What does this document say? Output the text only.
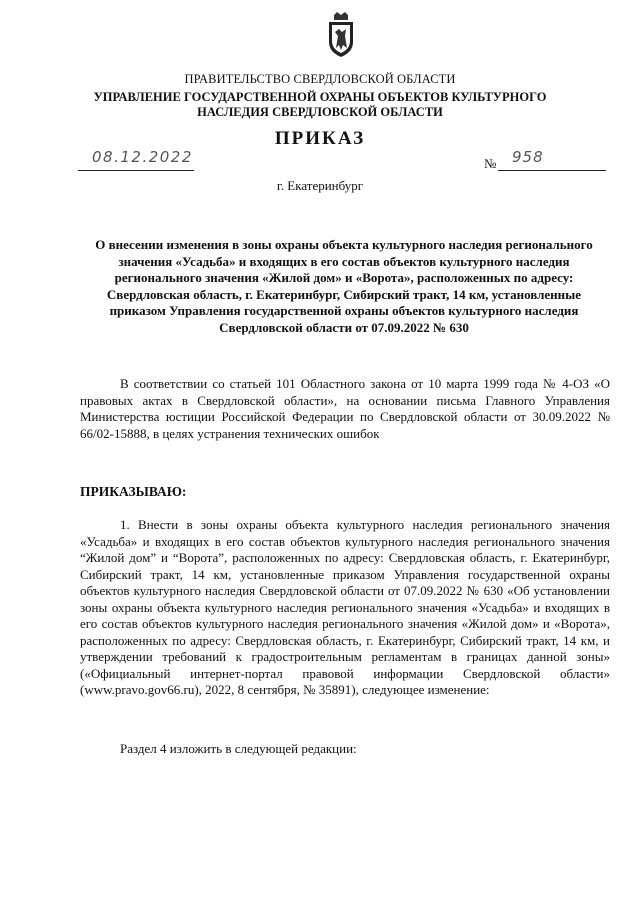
ПРАВИТЕЛЬСТВО СВЕРДЛОВСКОЙ ОБЛАСТИ
УПРАВЛЕНИЕ ГОСУДАРСТВЕННОЙ ОХРАНЫ ОБЪЕКТОВ КУЛЬТУРНОГО НАСЛЕДИЯ СВЕРДЛОВСКОЙ ОБЛАСТИ
ПРИКАЗ
08.12.2022	№ 958
г. Екатеринбург
О внесении изменения в зоны охраны объекта культурного наследия регионального значения «Усадьба» и входящих в его состав объектов культурного наследия регионального значения «Жилой дом» и «Ворота», расположенных по адресу: Свердловская область, г. Екатеринбург, Сибирский тракт, 14 км, установленные приказом Управления государственной охраны объектов культурного наследия Свердловской области от 07.09.2022 № 630
В соответствии со статьей 101 Областного закона от 10 марта 1999 года № 4-ОЗ «О правовых актах в Свердловской области», на основании письма Главного Управления Министерства юстиции Российской Федерации по Свердловской области от 30.09.2022 № 66/02-15888, в целях устранения технических ошибок
ПРИКАЗЫВАЮ:
1. Внести в зоны охраны объекта культурного наследия регионального значения «Усадьба» и входящих в его состав объектов культурного наследия регионального значения “Жилой дом” и “Ворота”, расположенных по адресу: Свердловская область, г. Екатеринбург, Сибирский тракт, 14 км, установленные приказом Управления государственной охраны объектов культурного наследия Свердловской области от 07.09.2022 № 630 «Об установлении зоны охраны объекта культурного наследия регионального значения «Усадьба» и входящих в его состав объектов культурного наследия регионального значения «Жилой дом» и «Ворота», расположенных по адресу: Свердловская область, г. Екатеринбург, Сибирский тракт, 14 км, и утверждении требований к градостроительным регламентам в границах данной зоны» («Официальный интернет-портал правовой информации Свердловской области» (www.pravo.gov66.ru), 2022, 8 сентября, № 35891), следующее изменение:
Раздел 4 изложить в следующей редакции:
